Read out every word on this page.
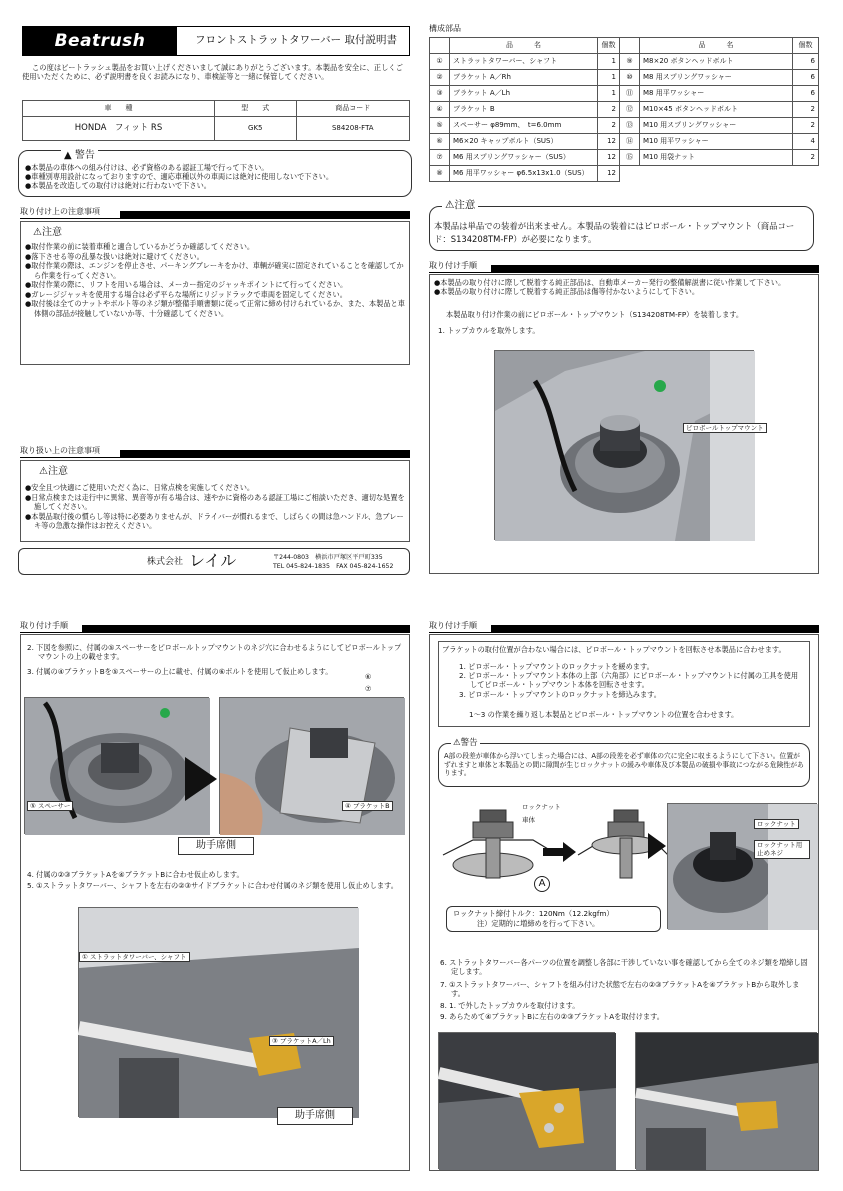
Beatrush	フロントストラットタワーバー 取付説明書
この度はビートラッシュ製品をお買い上げくださいまして誠にありがとうございます。本製品を安全に、正しくご使用いただくために、必ず説明書を良くお読みになり、車検証等と一緒に保管してください。
車　　種	型　　式	商品コード
HONDA　フィット RS	GK5	S84208-FTA
▲ 警告
●本製品の車体への組み付けは、必ず資格のある認証工場で行って下さい。
●車種別専用設計になっておりますので、適応車種以外の車両には絶対に使用しないで下さい。
●本製品を改造しての取付けは絶対に行わないで下さい。
取り付け上の注意事項
⚠注意
●取付作業の前に装着車種と適合しているかどうか確認してください。
●落下させる等の乱暴な扱いは絶対に避けてください。
●取付作業の際は、エンジンを停止させ、パーキングブレーキをかけ、車輌が確実に固定されていることを確認してから作業を行ってください。
●取付作業の際に、リフトを用いる場合は、メーカー指定のジャッキポイントにて行ってください。
●ガレージジャッキを使用する場合は必ず平らな場所にリジッドラックで車両を固定してください。
●取付後は全てのナットやボルト等のネジ類が整備手順書類に従って正常に締め付けられているか、また、本製品と車体側の部品が接触していないか等、十分確認してください。
取り扱い上の注意事項
⚠注意
●安全且つ快適にご使用いただく為に、日常点検を実施してください。
●日常点検または走行中に異常、異音等が有る場合は、速やかに資格のある認証工場にご相談いただき、適切な処置を施してください。
●本製品取付後の慣らし等は特に必要ありませんが、ドライバーが慣れるまで、しばらくの間は急ハンドル、急ブレーキ等の急激な操作はお控えください。
株式会社 レイル	〒244-0803　横浜市戸塚区平戸町335
TEL 045-824-1835　FAX 045-824-1652
構成部品
	品　　　名	個数		品　　　名	個数
①	ストラットタワーバー、シャフト	1	⑨	M8×20 ボタンヘッドボルト	6
②	ブラケット A／Rh	1	⑩	M8 用スプリングワッシャー	6
③	ブラケット A／Lh	1	⑪	M8 用平ワッシャー	6
④	ブラケット B	2	⑫	M10×45 ボタンヘッドボルト	2
⑤	スペーサー φ89mm、　t=6.0mm	2	⑬	M10 用スプリングワッシャー	2
⑥	M6×20 キャップボルト（SUS）	12	⑭	M10 用平ワッシャー	4
⑦	M6 用スプリングワッシャー（SUS）	12	⑮	M10 用袋ナット	2
⑧	M6 用平ワッシャー φ6.5x13x1.0（SUS）	12			
⚠注意
本製品は単品での装着が出来ません。本製品の装着にはピロボール・トップマウント（商品コード：S134208TM-FP）が必要になります。
取り付け手順
●本製品の取り付けに際して脱着する純正部品は、自動車メーカー発行の整備解説書に従い作業して下さい。
●本製品の取り付けに際して脱着する純正部品は傷等付かないようにして下さい。
本製品取り付け作業の前にピロボール・トップマウント（S134208TM-FP）を装着します。
1. トップカウルを取外します。
ピロボールトップマウント
取り付け手順
2. 下図を参照に、付属の⑤スペーサーをピロボールトップマウントのネジ穴に合わせるようにしてピロボールトップマウントの上の載せます。
3. 付属の④ブラケットBを⑤スペーサーの上に載せ、付属の⑥ボルトを使用して仮止めします。
⑥
⑦

⑤ スペーサー	④ ブラケットB
助手席側
4. 付属の②③ブラケットAを④ブラケットBに合わせ仮止めします。
5. ①ストラットタワーバー、シャフトを左右の②③サイドブラケットに合わせ付属のネジ類を使用し仮止めします。
① ストラットタワーバー、シャフト
③ ブラケットA／Lh
助手席側
取り付け手順
ブラケットの取付位置が合わない場合には、ピロボール・トップマウントを回転させ本製品に合わせます。
1. ピロボール・トップマウントのロックナットを緩めます。
2. ピロボール・トップマウント本体の上部（六角部）にピロボール・トップマウントに付属の工具を使用してピロボール・トップマウント本体を回転させます。
3. ピロボール・トップマウントのロックナットを締込みます。
1〜3 の作業を繰り返し本製品とピロボール・トップマウントの位置を合わせます。
⚠警告
A部の段差が車体から浮いてしまった場合には、A部の段差を必ず車体の穴に完全に収まるようにして下さい。位置がずれますと車体と本製品との間に隙間が生じロックナットの緩みや車体及び本製品の破損や事故につながる危険性があります。
ロックナット
車体
A
ロックナット
ロックナット用止めネジ
ロックナット締付トルク：120Nm（12.2kgfm）
注）定期的に増締めを行って下さい。
6. ストラットタワーバー各パーツの位置を調整し各部に干渉していない事を確認してから全てのネジ類を増締し固定します。
7. ①ストラットタワーバー、シャフトを組み付けた状態で左右の②③ブラケットAを④ブラケットBから取外します。
8. 1. で外したトップカウルを取付けます。
9. あらためて④ブラケットBに左右の②③ブラケットAを取付けます。
